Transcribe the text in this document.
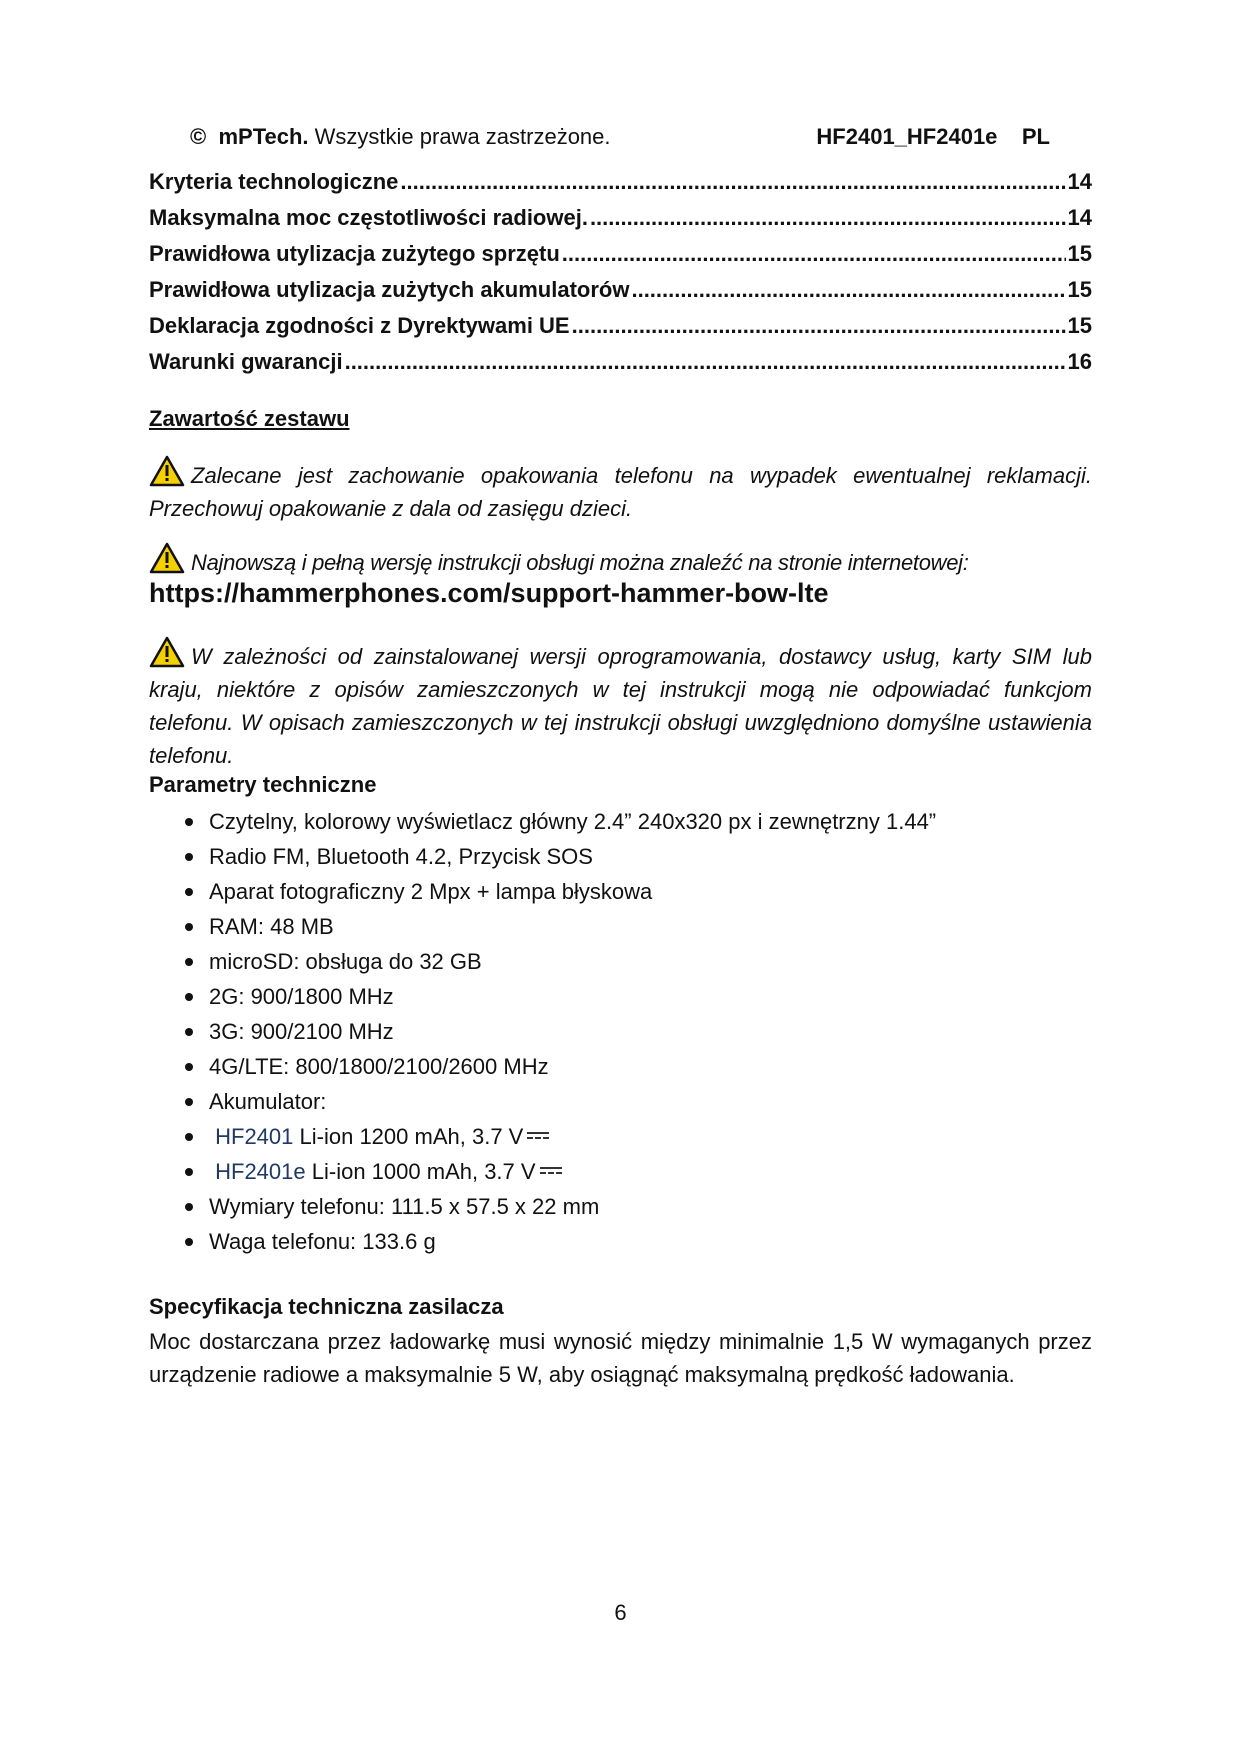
© mPTech. Wszystkie prawa zastrzeżone.	HF2401_HF2401e PL
Kryteria technologiczne .....	14
Maksymalna moc częstotliwości radiowej. .....	14
Prawidłowa utylizacja zużytego sprzętu .....	15
Prawidłowa utylizacja zużytych akumulatorów .....	15
Deklaracja zgodności z Dyrektywami UE .....	15
Warunki gwarancji .....	16
Zawartość zestawu
Zalecane jest zachowanie opakowania telefonu na wypadek ewentualnej reklamacji. Przechowuj opakowanie z dala od zasięgu dzieci.
Najnowszą i pełną wersję instrukcji obsługi można znaleźć na stronie internetowej:
https://hammerphones.com/support-hammer-bow-lte
W zależności od zainstalowanej wersji oprogramowania, dostawcy usług, karty SIM lub kraju, niektóre z opisów zamieszczonych w tej instrukcji mogą nie odpowiadać funkcjom telefonu. W opisach zamieszczonych w tej instrukcji obsługi uwzględniono domyślne ustawienia telefonu.
Parametry techniczne
Czytelny, kolorowy wyświetlacz główny 2.4” 240x320 px i zewnętrzny 1.44”
Radio FM, Bluetooth 4.2, Przycisk SOS
Aparat fotograficzny 2 Mpx + lampa błyskowa
RAM: 48 MB
microSD: obsługa do 32 GB
2G: 900/1800 MHz
3G: 900/2100 MHz
4G/LTE: 800/1800/2100/2600 MHz
Akumulator:
HF2401 Li-ion 1200 mAh, 3.7 V
HF2401e Li-ion 1000 mAh, 3.7 V
Wymiary telefonu: 111.5 x 57.5 x 22 mm
Waga telefonu: 133.6 g
Specyfikacja techniczna zasilacza
Moc dostarczana przez ładowarkę musi wynosić między minimalnie 1,5 W wymaganych przez urządzenie radiowe a maksymalnie 5 W, aby osiągnąć maksymalną prędkość ładowania.
6
